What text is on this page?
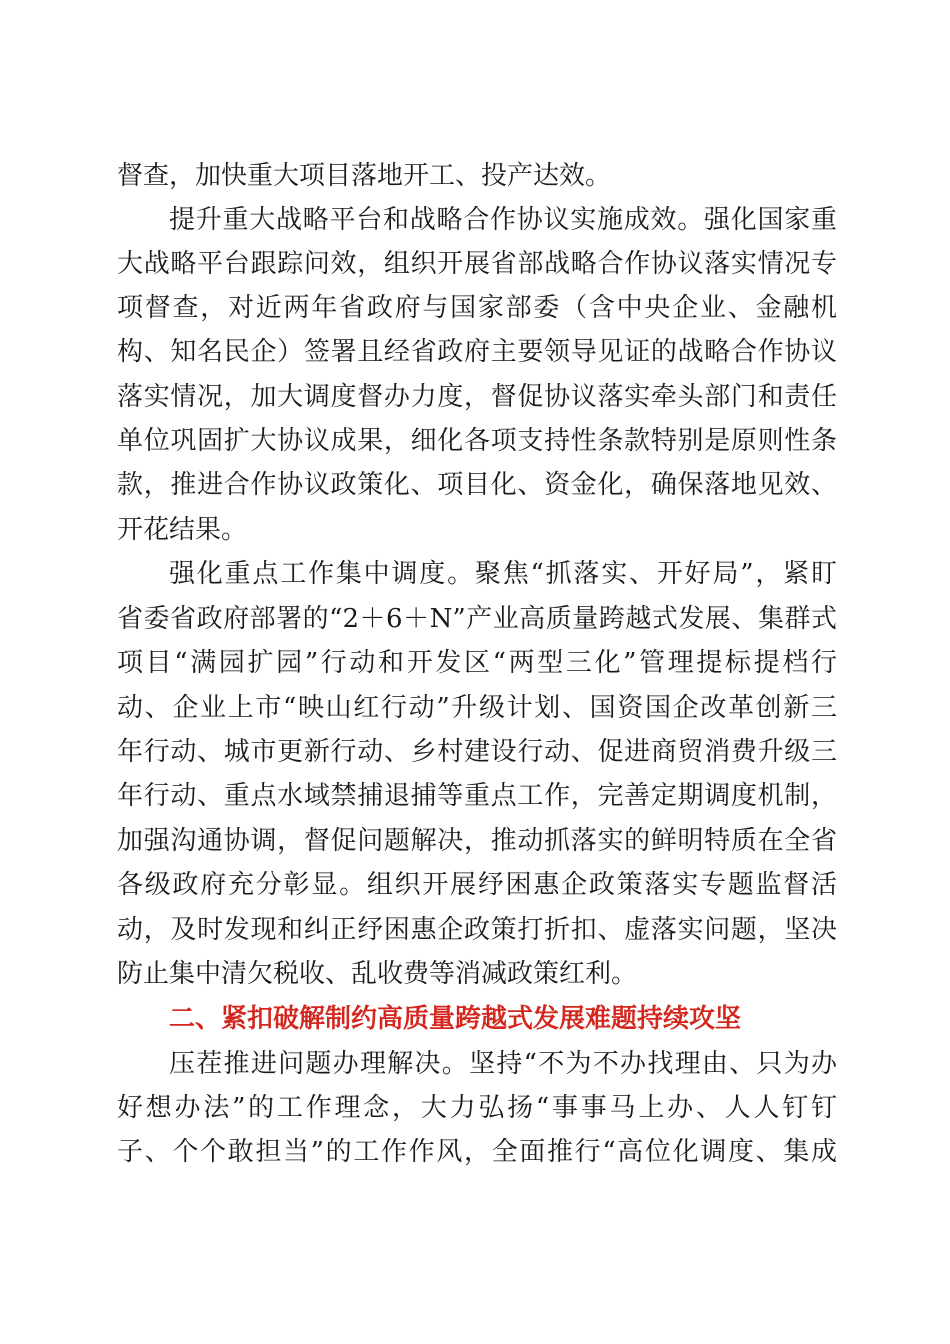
督查，加快重大项目落地开工、投产达效。
提升重大战略平台和战略合作协议实施成效。强化国家重
大战略平台跟踪问效，组织开展省部战略合作协议落实情况专
项督查，对近两年省政府与国家部委（含中央企业、金融机
构、知名民企）签署且经省政府主要领导见证的战略合作协议
落实情况，加大调度督办力度，督促协议落实牵头部门和责任
单位巩固扩大协议成果，细化各项支持性条款特别是原则性条
款，推进合作协议政策化、项目化、资金化，确保落地见效、
开花结果。
强化重点工作集中调度。聚焦“抓落实、开好局”，紧盯
省委省政府部署的“2＋6＋N”产业高质量跨越式发展、集群式
项目“满园扩园”行动和开发区“两型三化”管理提标提档行
动、企业上市“映山红行动”升级计划、国资国企改革创新三
年行动、城市更新行动、乡村建设行动、促进商贸消费升级三
年行动、重点水域禁捕退捕等重点工作，完善定期调度机制，
加强沟通协调，督促问题解决，推动抓落实的鲜明特质在全省
各级政府充分彰显。组织开展纾困惠企政策落实专题监督活
动，及时发现和纠正纾困惠企政策打折扣、虚落实问题，坚决
防止集中清欠税收、乱收费等消减政策红利。
二、紧扣破解制约高质量跨越式发展难题持续攻坚
压茬推进问题办理解决。坚持“不为不办找理由、只为办
好想办法”的工作理念，大力弘扬“事事马上办、人人钉钉
子、个个敢担当”的工作作风，全面推行“高位化调度、集成
